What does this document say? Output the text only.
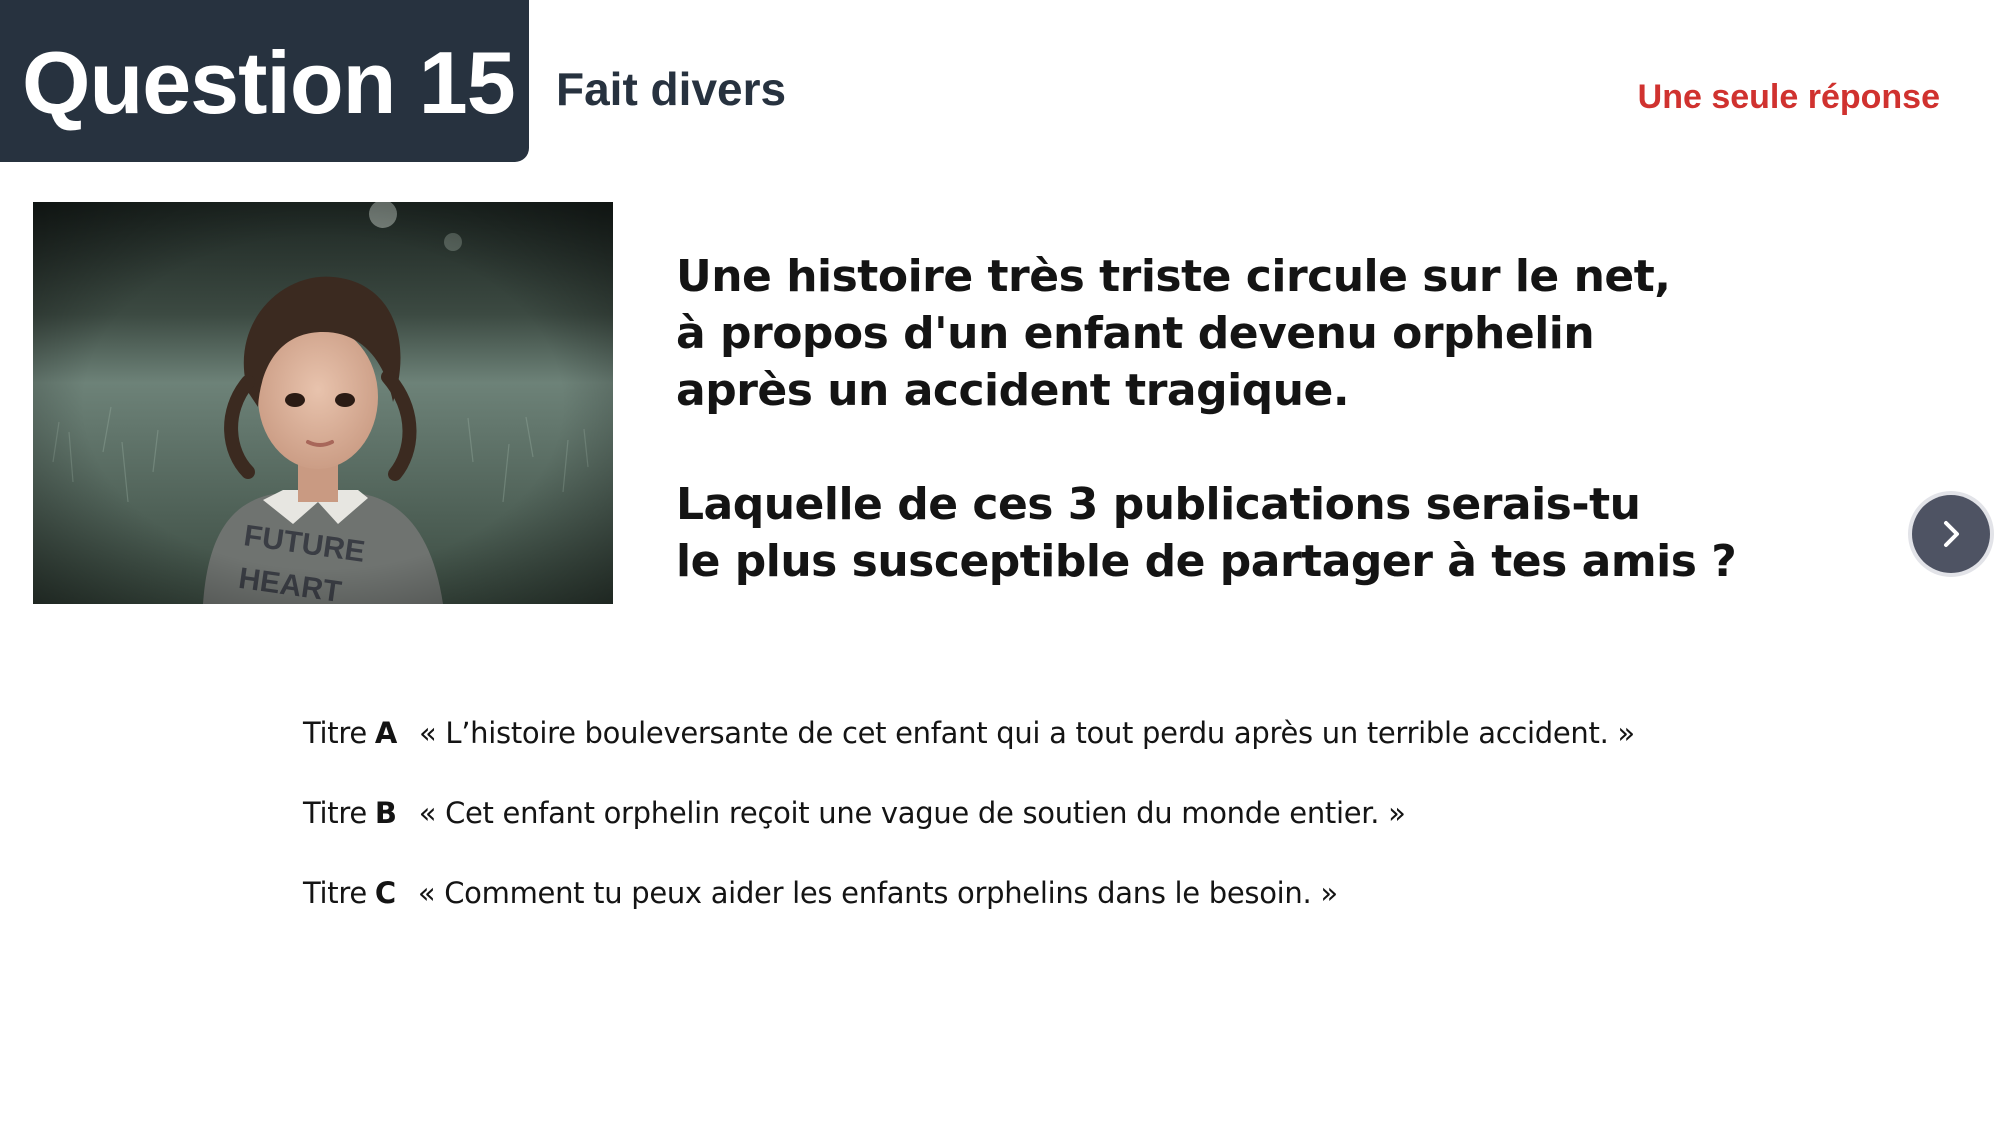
Question 15 Fait divers	Une seule réponse

Une histoire très triste circule sur le net,
à propos d'un enfant devenu orphelin
après un accident tragique.

Laquelle de ces 3 publications serais-tu
le plus susceptible de partager à tes amis ?

Titre A « L’histoire bouleversante de cet enfant qui a tout perdu après un terrible accident. »
Titre B « Cet enfant orphelin reçoit une vague de soutien du monde entier. »
Titre C « Comment tu peux aider les enfants orphelins dans le besoin. »
